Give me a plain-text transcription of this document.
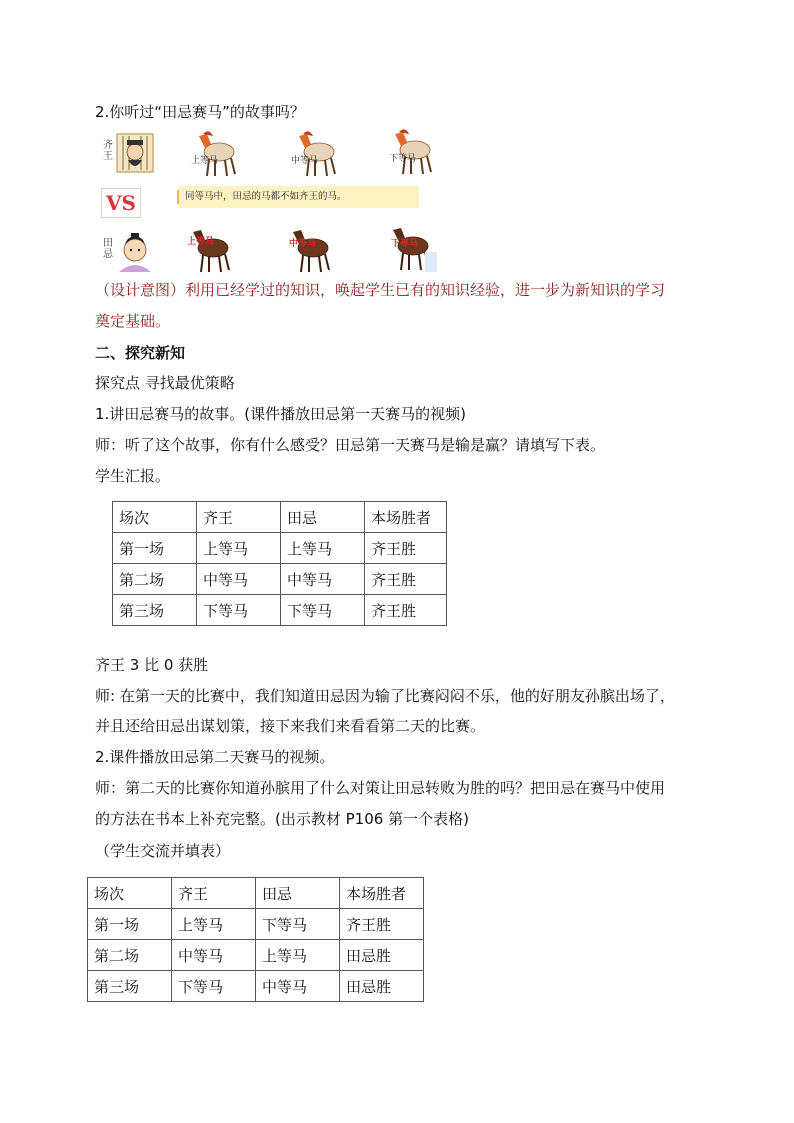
2.你听过“田忌赛马”的故事吗？
齐王	上等马	中等马	下等马
VS	同等马中，田忌的马都不如齐王的马。
田忌
上等马	中等马	下等马
（设计意图）利用已经学过的知识，唤起学生已有的知识经验，进一步为新知识的学习
奠定基础。
二、探究新知
探究点 寻找最优策略
1.讲田忌赛马的故事。(课件播放田忌第一天赛马的视频)
师：听了这个故事，你有什么感受？田忌第一天赛马是输是赢？请填写下表。
学生汇报。
场次	齐王	田忌	本场胜者
第一场	上等马	上等马	齐王胜
第二场	中等马	中等马	齐王胜
第三场	下等马	下等马	齐王胜
齐王 3 比 0 获胜
师: 在第一天的比赛中，我们知道田忌因为输了比赛闷闷不乐，他的好朋友孙膑出场了，
并且还给田忌出谋划策，接下来我们来看看第二天的比赛。
2.课件播放田忌第二天赛马的视频。
师：第二天的比赛你知道孙膑用了什么对策让田忌转败为胜的吗？把田忌在赛马中使用
的方法在书本上补充完整。(出示教材 P106 第一个表格)
（学生交流并填表）
场次	齐王	田忌	本场胜者
第一场	上等马	下等马	齐王胜
第二场	中等马	上等马	田忌胜
第三场	下等马	中等马	田忌胜
